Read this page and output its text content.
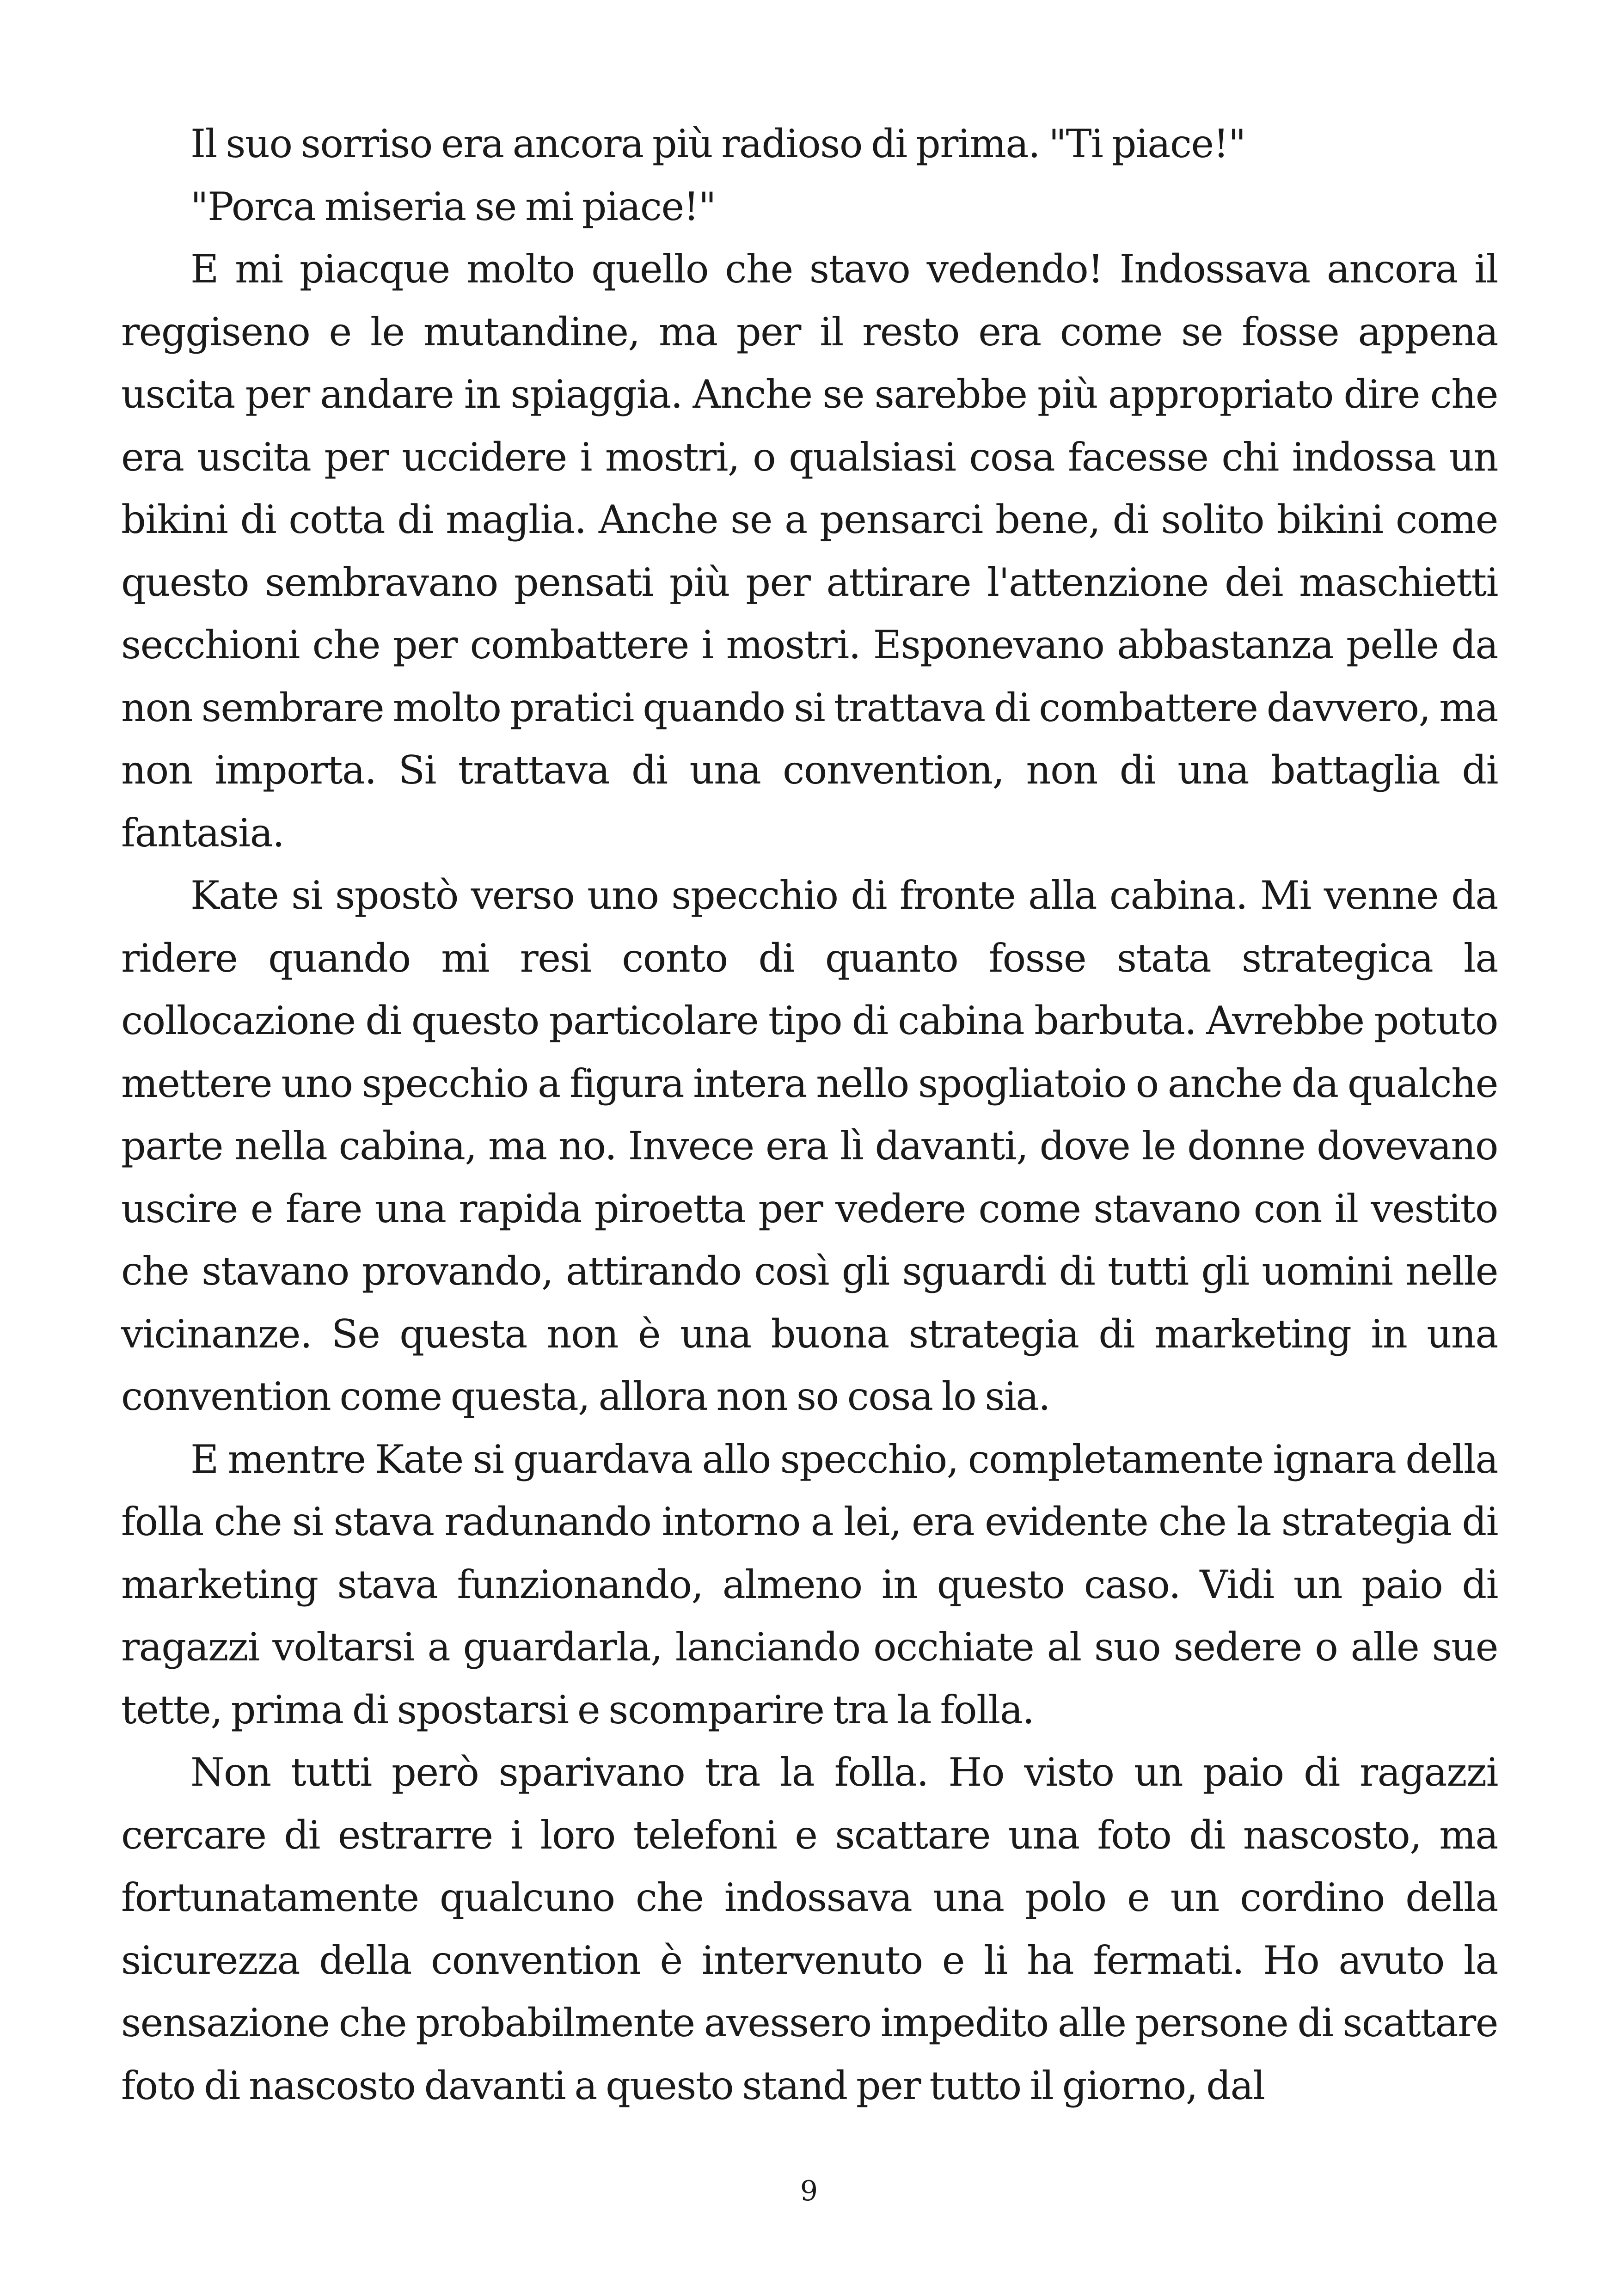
Il suo sorriso era ancora più radioso di prima. "Ti piace!"

"Porca miseria se mi piace!"

E mi piacque molto quello che stavo vedendo! Indossava ancora il reggiseno e le mutandine, ma per il resto era come se fosse appena uscita per andare in spiaggia. Anche se sarebbe più appropriato dire che era uscita per uccidere i mostri, o qualsiasi cosa facesse chi indossa un bikini di cotta di maglia. Anche se a pensarci bene, di solito bikini come questo sembravano pensati più per attirare l'attenzione dei maschietti secchioni che per combattere i mostri. Esponevano abbastanza pelle da non sembrare molto pratici quando si trattava di combattere davvero, ma non importa. Si trattava di una convention, non di una battaglia di fantasia.

Kate si spostò verso uno specchio di fronte alla cabina. Mi venne da ridere quando mi resi conto di quanto fosse stata strategica la collocazione di questo particolare tipo di cabina barbuta. Avrebbe potuto mettere uno specchio a figura intera nello spogliatoio o anche da qualche parte nella cabina, ma no. Invece era lì davanti, dove le donne dovevano uscire e fare una rapida piroetta per vedere come stavano con il vestito che stavano provando, attirando così gli sguardi di tutti gli uomini nelle vicinanze. Se questa non è una buona strategia di marketing in una convention come questa, allora non so cosa lo sia.

E mentre Kate si guardava allo specchio, completamente ignara della folla che si stava radunando intorno a lei, era evidente che la strategia di marketing stava funzionando, almeno in questo caso. Vidi un paio di ragazzi voltarsi a guardarla, lanciando occhiate al suo sedere o alle sue tette, prima di spostarsi e scomparire tra la folla.

Non tutti però sparivano tra la folla. Ho visto un paio di ragazzi cercare di estrarre i loro telefoni e scattare una foto di nascosto, ma fortunatamente qualcuno che indossava una polo e un cordino della sicurezza della convention è intervenuto e li ha fermati. Ho avuto la sensazione che probabilmente avessero impedito alle persone di scattare foto di nascosto davanti a questo stand per tutto il giorno, dal

9
